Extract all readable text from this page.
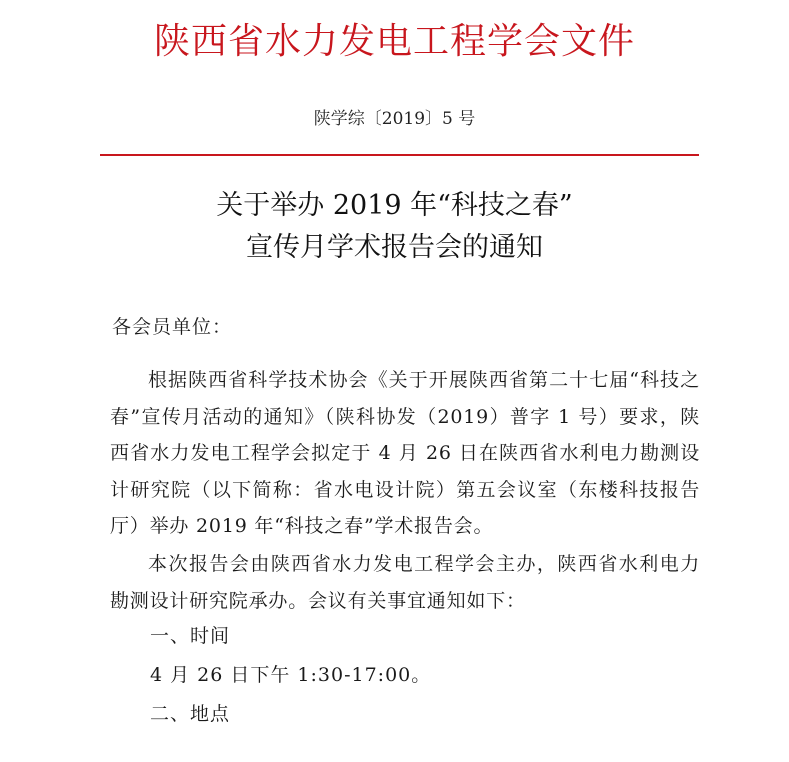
陕西省水力发电工程学会文件
陕学综〔2019〕5 号
关于举办 2019 年“科技之春”
宣传月学术报告会的通知
各会员单位：
根据陕西省科学技术协会《关于开展陕西省第二十七届“科技之春”宣传月活动的通知》（陕科协发（2019）普字 1 号）要求，陕西省水力发电工程学会拟定于 4 月 26 日在陕西省水利电力勘测设计研究院（以下简称：省水电设计院）第五会议室（东楼科技报告厅）举办 2019 年“科技之春”学术报告会。
本次报告会由陕西省水力发电工程学会主办，陕西省水利电力勘测设计研究院承办。会议有关事宜通知如下：
一、时间
4 月 26 日下午 1:30-17:00。
二、地点
